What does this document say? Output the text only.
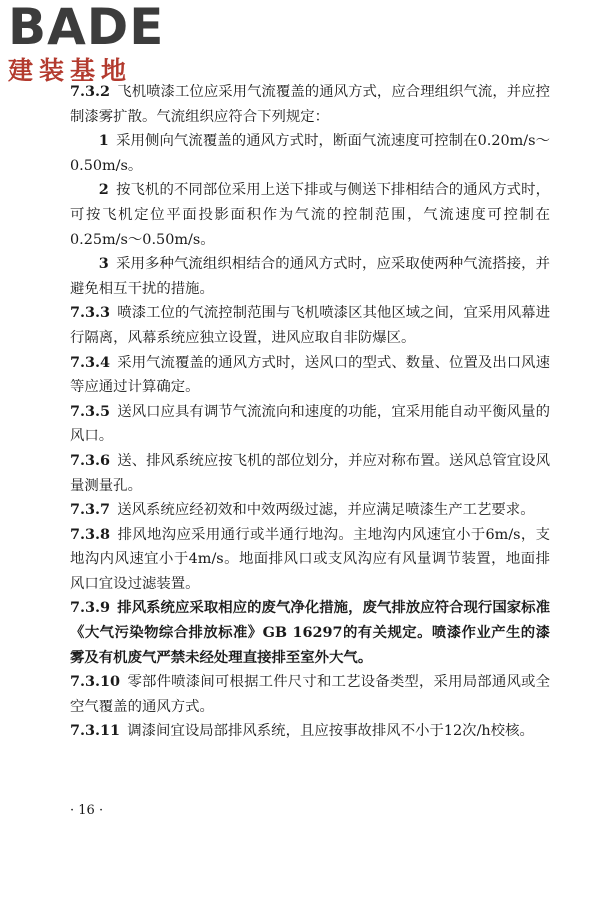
BADE
建装基地

7.3.2 飞机喷漆工位应采用气流覆盖的通风方式，应合理组织气流，并应控制漆雾扩散。气流组织应符合下列规定：

1 采用侧向气流覆盖的通风方式时，断面气流速度可控制在0.20m/s～0.50m/s。

2 按飞机的不同部位采用上送下排或与侧送下排相结合的通风方式时，可按飞机定位平面投影面积作为气流的控制范围，气流速度可控制在0.25m/s～0.50m/s。

3 采用多种气流组织相结合的通风方式时，应采取使两种气流搭接，并避免相互干扰的措施。

7.3.3 喷漆工位的气流控制范围与飞机喷漆区其他区域之间，宜采用风幕进行隔离，风幕系统应独立设置，进风应取自非防爆区。

7.3.4 采用气流覆盖的通风方式时，送风口的型式、数量、位置及出口风速等应通过计算确定。

7.3.5 送风口应具有调节气流流向和速度的功能，宜采用能自动平衡风量的风口。

7.3.6 送、排风系统应按飞机的部位划分，并应对称布置。送风总管宜设风量测量孔。

7.3.7 送风系统应经初效和中效两级过滤，并应满足喷漆生产工艺要求。

7.3.8 排风地沟应采用通行或半通行地沟。主地沟内风速宜小于6m/s，支地沟内风速宜小于4m/s。地面排风口或支风沟应有风量调节装置，地面排风口宜设过滤装置。

7.3.9 排风系统应采取相应的废气净化措施，废气排放应符合现行国家标准《大气污染物综合排放标准》GB 16297的有关规定。喷漆作业产生的漆雾及有机废气严禁未经处理直接排至室外大气。

7.3.10 零部件喷漆间可根据工件尺寸和工艺设备类型，采用局部通风或全空气覆盖的通风方式。

7.3.11 调漆间宜设局部排风系统，且应按事故排风不小于12次/h校核。

· 16 ·
